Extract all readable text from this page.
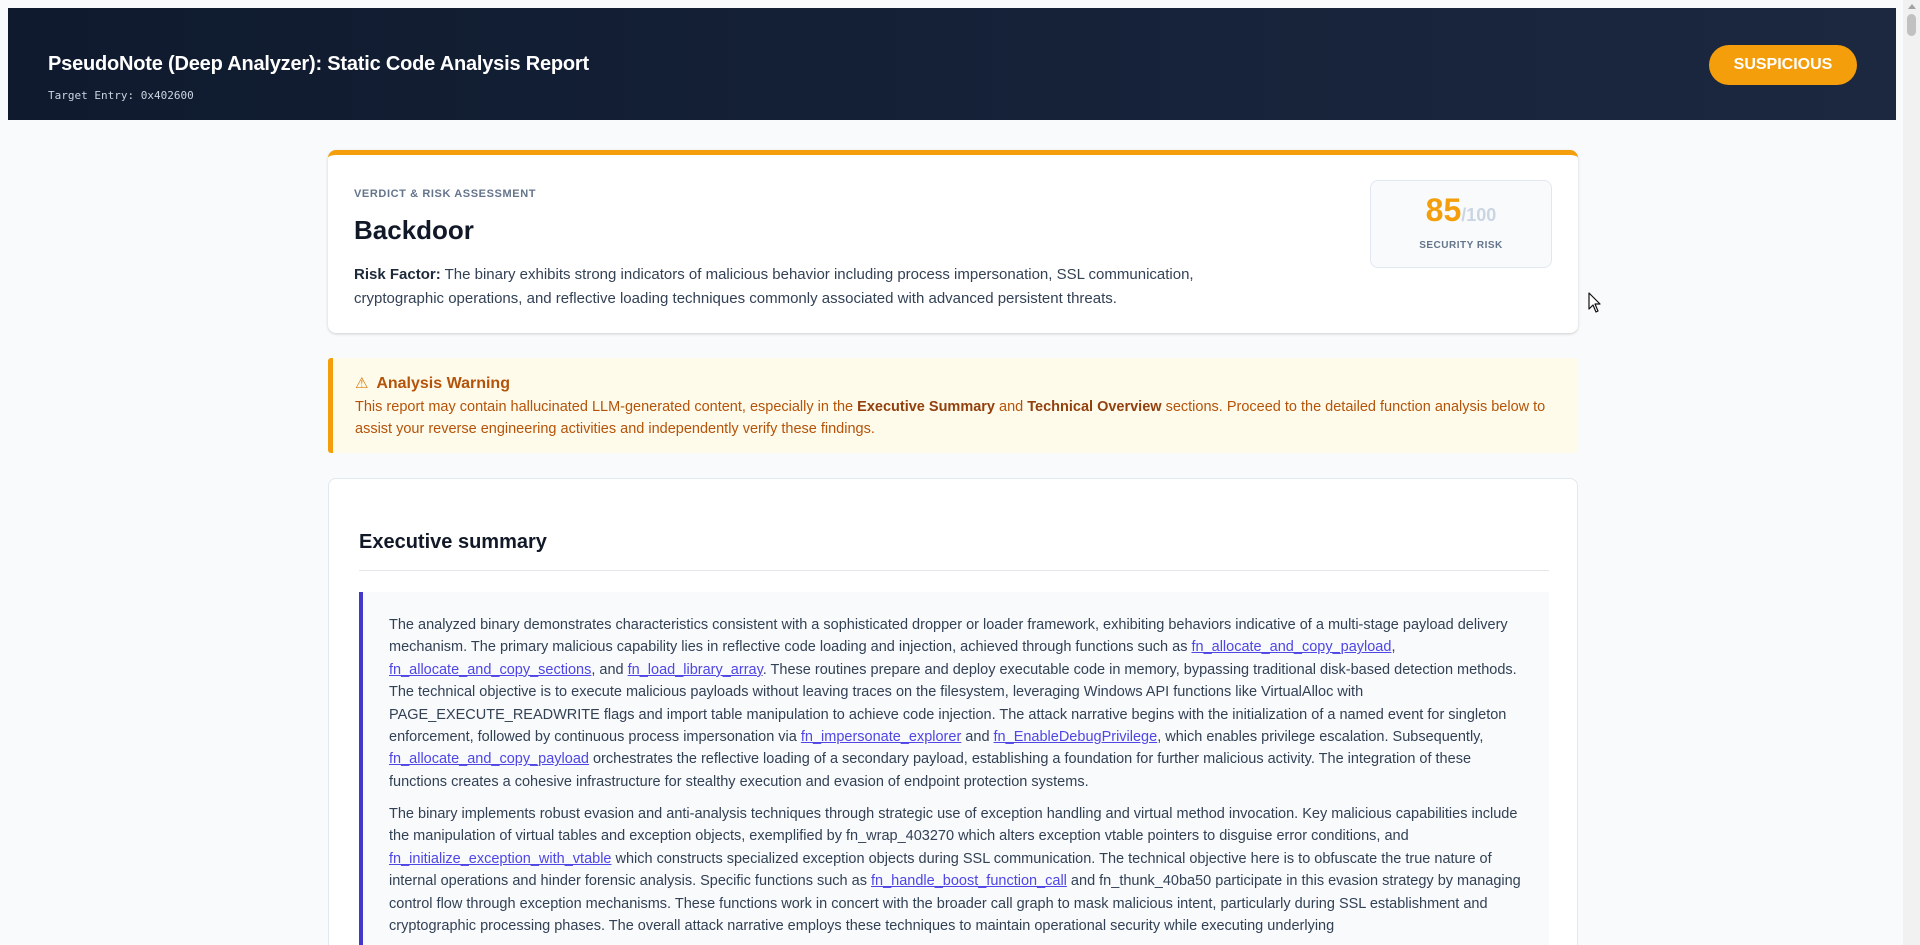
PseudoNote (Deep Analyzer): Static Code Analysis Report
Target Entry: 0x402600
SUSPICIOUS
VERDICT & RISK ASSESSMENT
Backdoor
Risk Factor: The binary exhibits strong indicators of malicious behavior including process impersonation, SSL communication, cryptographic operations, and reflective loading techniques commonly associated with advanced persistent threats.
85/100
SECURITY RISK
⚠ Analysis Warning
This report may contain hallucinated LLM-generated content, especially in the Executive Summary and Technical Overview sections. Proceed to the detailed function analysis below to assist your reverse engineering activities and independently verify these findings.
Executive summary

The analyzed binary demonstrates characteristics consistent with a sophisticated dropper or loader framework, exhibiting behaviors indicative of a multi-stage payload delivery mechanism. The primary malicious capability lies in reflective code loading and injection, achieved through functions such as fn_allocate_and_copy_payload, fn_allocate_and_copy_sections, and fn_load_library_array. These routines prepare and deploy executable code in memory, bypassing traditional disk-based detection methods. The technical objective is to execute malicious payloads without leaving traces on the filesystem, leveraging Windows API functions like VirtualAlloc with PAGE_EXECUTE_READWRITE flags and import table manipulation to achieve code injection. The attack narrative begins with the initialization of a named event for singleton enforcement, followed by continuous process impersonation via fn_impersonate_explorer and fn_EnableDebugPrivilege, which enables privilege escalation. Subsequently, fn_allocate_and_copy_payload orchestrates the reflective loading of a secondary payload, establishing a foundation for further malicious activity. The integration of these functions creates a cohesive infrastructure for stealthy execution and evasion of endpoint protection systems.

The binary implements robust evasion and anti-analysis techniques through strategic use of exception handling and virtual method invocation. Key malicious capabilities include the manipulation of virtual tables and exception objects, exemplified by fn_wrap_403270 which alters exception vtable pointers to disguise error conditions, and fn_initialize_exception_with_vtable which constructs specialized exception objects during SSL communication. The technical objective here is to obfuscate the true nature of internal operations and hinder forensic analysis. Specific functions such as fn_handle_boost_function_call and fn_thunk_40ba50 participate in this evasion strategy by managing control flow through exception mechanisms. These functions work in concert with the broader call graph to mask malicious intent, particularly during SSL establishment and cryptographic processing phases. The overall attack narrative employs these techniques to maintain operational security while executing underlying
